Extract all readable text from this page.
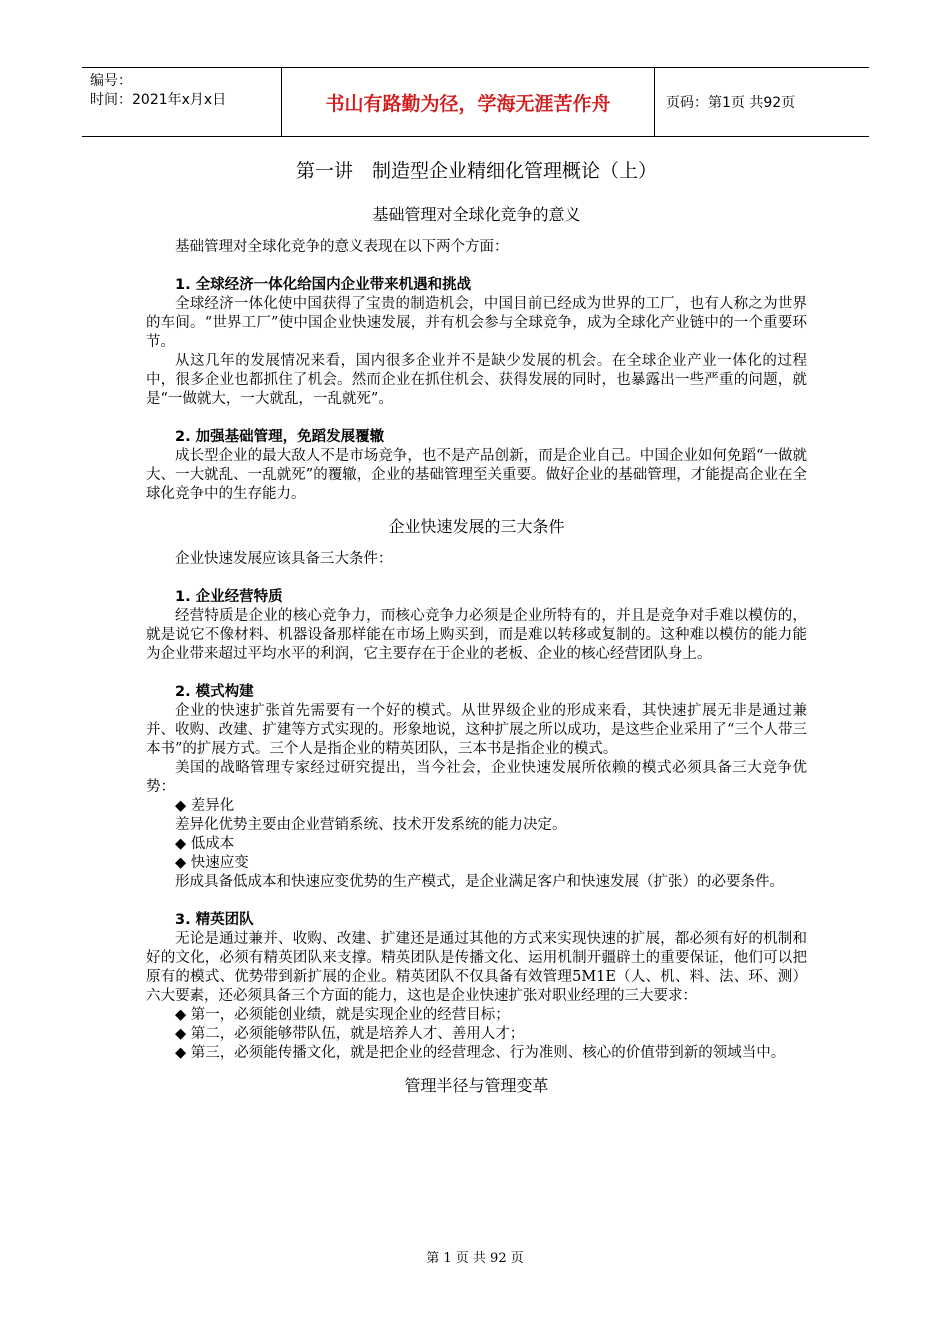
编号：
时间：2021年x月x日	书山有路勤为径，学海无涯苦作舟	页码：第1页 共92页
第一讲　制造型企业精细化管理概论（上）
基础管理对全球化竞争的意义

基础管理对全球化竞争的意义表现在以下两个方面：

1. 全球经济一体化给国内企业带来机遇和挑战

全球经济一体化使中国获得了宝贵的制造机会，中国目前已经成为世界的工厂，也有人称之为世界的车间。“世界工厂”使中国企业快速发展，并有机会参与全球竞争，成为全球化产业链中的一个重要环节。

从这几年的发展情况来看，国内很多企业并不是缺少发展的机会。在全球企业产业一体化的过程中，很多企业也都抓住了机会。然而企业在抓住机会、获得发展的同时，也暴露出一些严重的问题，就是“一做就大，一大就乱，一乱就死”。

2. 加强基础管理，免蹈发展覆辙

成长型企业的最大敌人不是市场竞争，也不是产品创新，而是企业自己。中国企业如何免蹈“一做就大、一大就乱、一乱就死”的覆辙，企业的基础管理至关重要。做好企业的基础管理，才能提高企业在全球化竞争中的生存能力。

企业快速发展的三大条件

企业快速发展应该具备三大条件：

1. 企业经营特质

经营特质是企业的核心竞争力，而核心竞争力必须是企业所特有的，并且是竞争对手难以模仿的，就是说它不像材料、机器设备那样能在市场上购买到，而是难以转移或复制的。这种难以模仿的能力能为企业带来超过平均水平的利润，它主要存在于企业的老板、企业的核心经营团队身上。

2. 模式构建

企业的快速扩张首先需要有一个好的模式。从世界级企业的形成来看，其快速扩展无非是通过兼并、收购、改建、扩建等方式实现的。形象地说，这种扩展之所以成功，是这些企业采用了“三个人带三本书”的扩展方式。三个人是指企业的精英团队，三本书是指企业的模式。

美国的战略管理专家经过研究提出，当今社会，企业快速发展所依赖的模式必须具备三大竞争优势：

◆ 差异化

差异化优势主要由企业营销系统、技术开发系统的能力决定。

◆ 低成本

◆ 快速应变

形成具备低成本和快速应变优势的生产模式，是企业满足客户和快速发展（扩张）的必要条件。

3. 精英团队

无论是通过兼并、收购、改建、扩建还是通过其他的方式来实现快速的扩展，都必须有好的机制和好的文化，必须有精英团队来支撑。精英团队是传播文化、运用机制开疆辟土的重要保证，他们可以把原有的模式、优势带到新扩展的企业。精英团队不仅具备有效管理5M1E（人、机、料、法、环、测）六大要素，还必须具备三个方面的能力，这也是企业快速扩张对职业经理的三大要求：

◆ 第一，必须能创业绩，就是实现企业的经营目标；

◆ 第二，必须能够带队伍，就是培养人才、善用人才；

◆ 第三，必须能传播文化，就是把企业的经营理念、行为准则、核心的价值带到新的领域当中。

管理半径与管理变革
第 1 页 共 92 页
